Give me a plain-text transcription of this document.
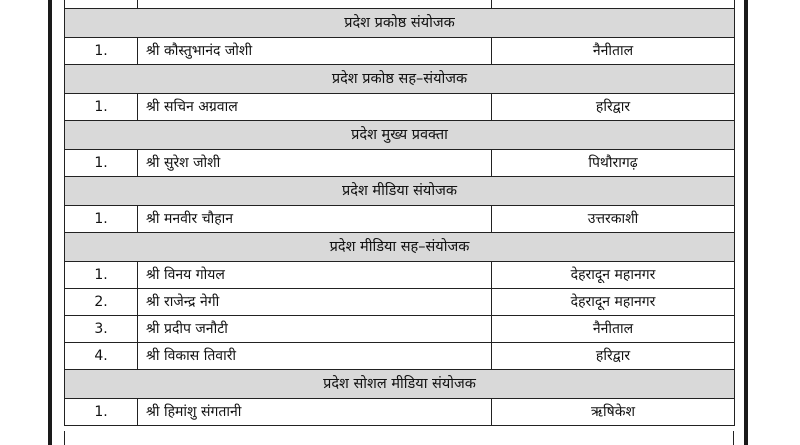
प्रदेश प्रकोष्ठ संयोजक		
1.	श्री कौस्तुभानंद जोशी	नैनीताल
प्रदेश प्रकोष्ठ सह–संयोजक		
1.	श्री सचिन अग्रवाल	हरिद्वार
प्रदेश मुख्य प्रवक्ता		
1.	श्री सुरेश जोशी	पिथौरागढ़
प्रदेश मीडिया संयोजक		
1.	श्री मनवीर चौहान	उत्तरकाशी
प्रदेश मीडिया सह–संयोजक		
1.	श्री विनय गोयल	देहरादून महानगर
2.	श्री राजेन्द्र नेगी	देहरादून महानगर
3.	श्री प्रदीप जनौटी	नैनीताल
4.	श्री विकास तिवारी	हरिद्वार
प्रदेश सोशल मीडिया संयोजक		
1.	श्री हिमांशु संगतानी	ऋषिकेश
